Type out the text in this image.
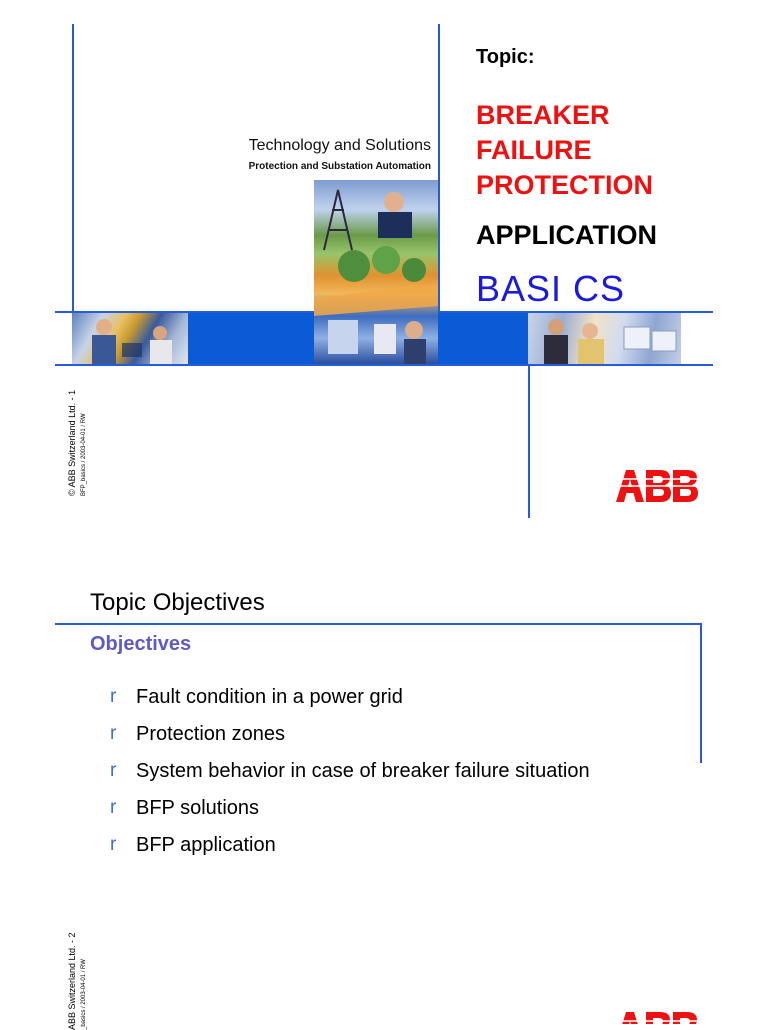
Technology and Solutions
Protection and Substation Automation
Topic:
BREAKER
FAILURE
PROTECTION
APPLICATION
BASI CS
© ABB Switzerland Ltd. - 1 BFP_basics / 2003-04-01 / RW
Topic Objectives
Objectives
r Fault condition in a power grid
r Protection zones
r System behavior in case of breaker failure situation
r BFP solutions
r BFP application
ABB Switzerland Ltd. - 2 _basics / 2003-04-01 / RW
